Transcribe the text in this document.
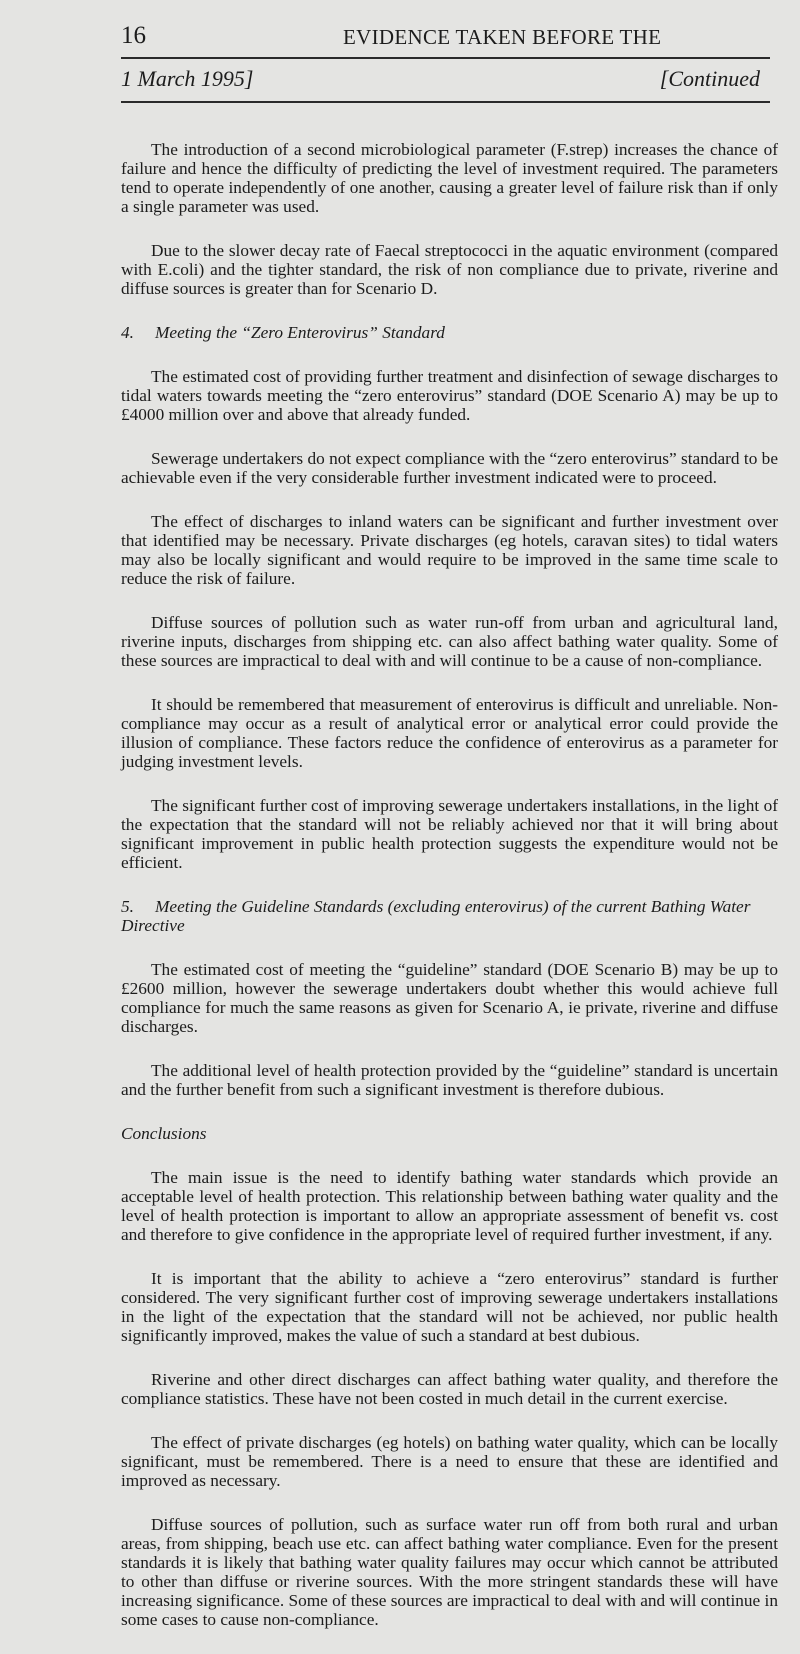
16	EVIDENCE TAKEN BEFORE THE
1 March 1995]	[Continued

The introduction of a second microbiological parameter (F.strep) increases the chance of failure and hence the difficulty of predicting the level of investment required. The parameters tend to operate independently of one another, causing a greater level of failure risk than if only a single parameter was used.

Due to the slower decay rate of Faecal streptococci in the aquatic environment (compared with E.coli) and the tighter standard, the risk of non compliance due to private, riverine and diffuse sources is greater than for Scenario D.

4. Meeting the “Zero Enterovirus” Standard

The estimated cost of providing further treatment and disinfection of sewage discharges to tidal waters towards meeting the “zero enterovirus” standard (DOE Scenario A) may be up to £4000 million over and above that already funded.

Sewerage undertakers do not expect compliance with the “zero enterovirus” standard to be achievable even if the very considerable further investment indicated were to proceed.

The effect of discharges to inland waters can be significant and further investment over that identified may be necessary. Private discharges (eg hotels, caravan sites) to tidal waters may also be locally significant and would require to be improved in the same time scale to reduce the risk of failure.

Diffuse sources of pollution such as water run-off from urban and agricultural land, riverine inputs, discharges from shipping etc. can also affect bathing water quality. Some of these sources are impractical to deal with and will continue to be a cause of non-compliance.

It should be remembered that measurement of enterovirus is difficult and unreliable. Non-compliance may occur as a result of analytical error or analytical error could provide the illusion of compliance. These factors reduce the confidence of enterovirus as a parameter for judging investment levels.

The significant further cost of improving sewerage undertakers installations, in the light of the expectation that the standard will not be reliably achieved nor that it will bring about significant improvement in public health protection suggests the expenditure would not be efficient.

5. Meeting the Guideline Standards (excluding enterovirus) of the current Bathing Water Directive

The estimated cost of meeting the “guideline” standard (DOE Scenario B) may be up to £2600 million, however the sewerage undertakers doubt whether this would achieve full compliance for much the same reasons as given for Scenario A, ie private, riverine and diffuse discharges.

The additional level of health protection provided by the “guideline” standard is uncertain and the further benefit from such a significant investment is therefore dubious.

Conclusions

The main issue is the need to identify bathing water standards which provide an acceptable level of health protection. This relationship between bathing water quality and the level of health protection is important to allow an appropriate assessment of benefit vs. cost and therefore to give confidence in the appropriate level of required further investment, if any.

It is important that the ability to achieve a “zero enterovirus” standard is further considered. The very significant further cost of improving sewerage undertakers installations in the light of the expectation that the standard will not be achieved, nor public health significantly improved, makes the value of such a standard at best dubious.

Riverine and other direct discharges can affect bathing water quality, and therefore the compliance statistics. These have not been costed in much detail in the current exercise.

The effect of private discharges (eg hotels) on bathing water quality, which can be locally significant, must be remembered. There is a need to ensure that these are identified and improved as necessary.

Diffuse sources of pollution, such as surface water run off from both rural and urban areas, from shipping, beach use etc. can affect bathing water compliance. Even for the present standards it is likely that bathing water quality failures may occur which cannot be attributed to other than diffuse or riverine sources. With the more stringent standards these will have increasing significance. Some of these sources are impractical to deal with and will continue in some cases to cause non-compliance.
